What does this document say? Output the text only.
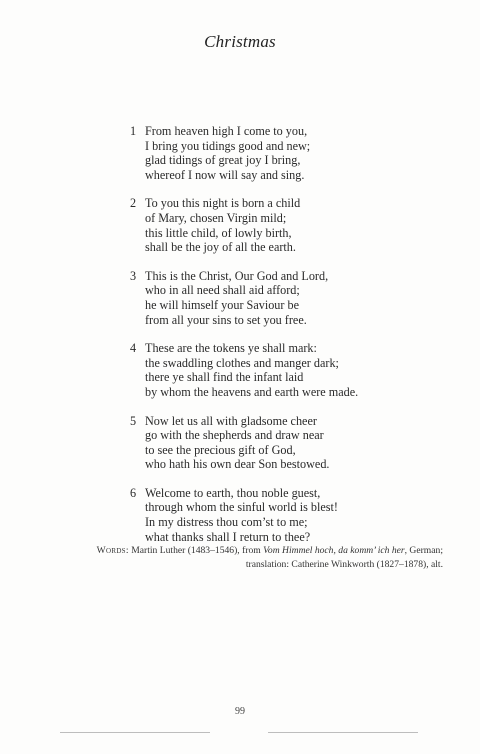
Christmas
1 From heaven high I come to you,
I bring you tidings good and new;
glad tidings of great joy I bring,
whereof I now will say and sing.
2 To you this night is born a child
of Mary, chosen Virgin mild;
this little child, of lowly birth,
shall be the joy of all the earth.
3 This is the Christ, Our God and Lord,
who in all need shall aid afford;
he will himself your Saviour be
from all your sins to set you free.
4 These are the tokens ye shall mark:
the swaddling clothes and manger dark;
there ye shall find the infant laid
by whom the heavens and earth were made.
5 Now let us all with gladsome cheer
go with the shepherds and draw near
to see the precious gift of God,
who hath his own dear Son bestowed.
6 Welcome to earth, thou noble guest,
through whom the sinful world is blest!
In my distress thou com’st to me;
what thanks shall I return to thee?
Words: Martin Luther (1483–1546), from Vom Himmel hoch, da komm’ ich her, German;
translation: Catherine Winkworth (1827–1878), alt.
99
